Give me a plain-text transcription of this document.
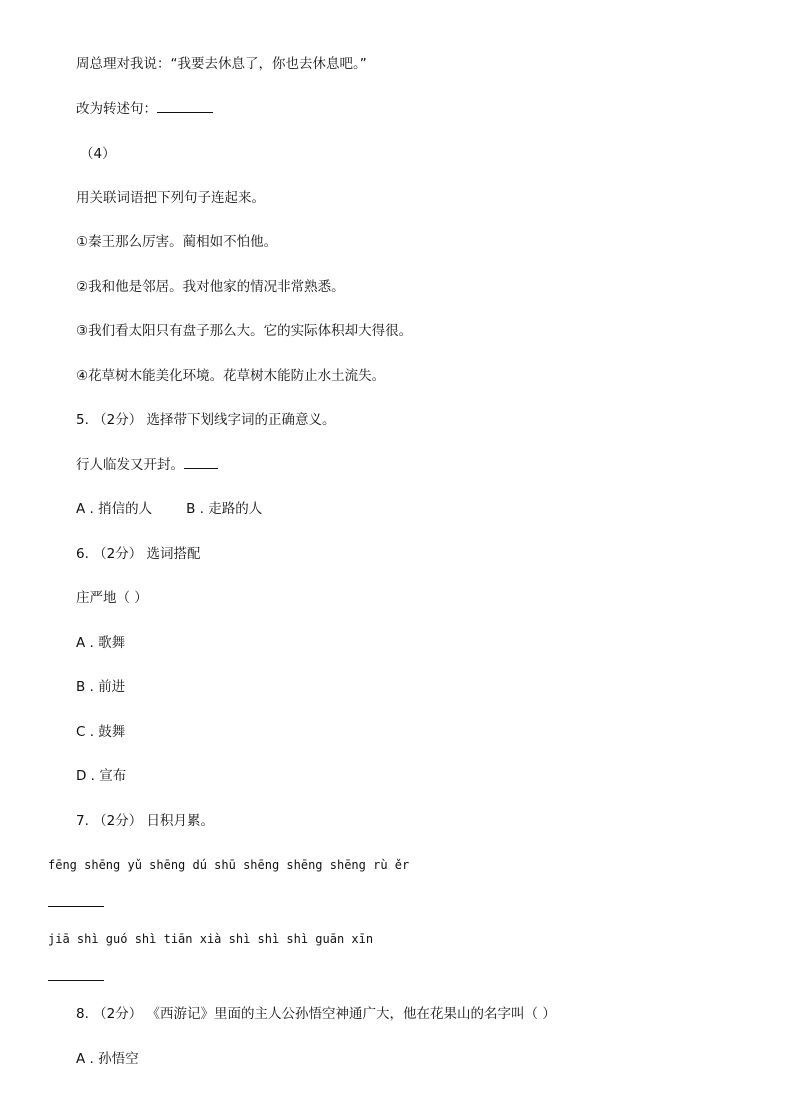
周总理对我说：“我要去休息了，你也去休息吧。”
改为转述句：
（4）
用关联词语把下列句子连起来。
①秦王那么厉害。蔺相如不怕他。
②我和他是邻居。我对他家的情况非常熟悉。
③我们看太阳只有盘子那么大。它的实际体积却大得很。
④花草树木能美化环境。花草树木能防止水土流失。
5. （2分） 选择带下划线字词的正确意义。
行人临发又开封。
A . 捎信的人	B . 走路的人
6. （2分） 选词搭配
庄严地（ ）
A . 歌舞
B . 前进
C . 鼓舞
D . 宣布
7. （2分） 日积月累。
fēng shēng yǔ shēng dú shū shēng shēng shēng rù ěr
jiā shì guó shì tiān xià shì shì shì guān xīn
8. （2分） 《西游记》里面的主人公孙悟空神通广大，他在花果山的名字叫（ ）
A . 孙悟空
